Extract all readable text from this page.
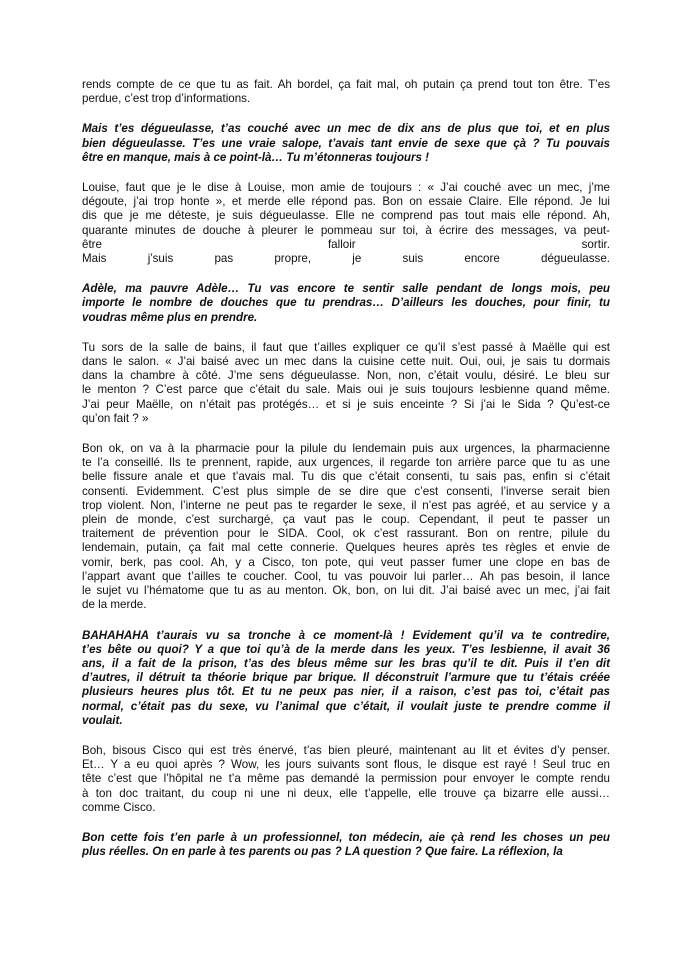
rends compte de ce que tu as fait. Ah bordel, ça fait mal, oh putain ça prend tout ton être. T’es
perdue, c’est trop d’informations.
Mais t’es dégueulasse, t’as couché avec un mec de dix ans de plus que toi, et en plus
bien dégueulasse. T’es une vraie salope, t’avais tant envie de sexe que çà ? Tu pouvais
être en manque, mais à ce point-là… Tu m’étonneras toujours !
Louise, faut que je le dise à Louise, mon amie de toujours : « J’ai couché avec un mec, j’me
dégoute, j’ai trop honte », et merde elle répond pas. Bon on essaie Claire. Elle répond. Je lui
dis que je me déteste, je suis dégueulasse. Elle ne comprend pas tout mais elle répond. Ah,
quarante minutes de douche à pleurer le pommeau sur toi, à écrire des messages, va peut-
être falloir sortir.
Mais j’suis pas propre, je suis encore dégueulasse.
Adèle, ma pauvre Adèle… Tu vas encore te sentir salle pendant de longs mois, peu
importe le nombre de douches que tu prendras… D’ailleurs les douches, pour finir, tu
voudras même plus en prendre.
Tu sors de la salle de bains, il faut que t’ailles expliquer ce qu’il s’est passé à Maëlle qui est
dans le salon. « J’ai baisé avec un mec dans la cuisine cette nuit. Oui, oui, je sais tu dormais
dans la chambre à côté. J’me sens dégueulasse. Non, non, c’était voulu, désiré. Le bleu sur
le menton ? C’est parce que c’était du sale. Mais oui je suis toujours lesbienne quand même.
J’ai peur Maëlle, on n’était pas protégés… et si je suis enceinte ? Si j’ai le Sida ? Qu’est-ce
qu’on fait ? »
Bon ok, on va à la pharmacie pour la pilule du lendemain puis aux urgences, la pharmacienne
te l’a conseillé. Ils te prennent, rapide, aux urgences, il regarde ton arrière parce que tu as une
belle fissure anale et que t’avais mal. Tu dis que c’était consenti, tu sais pas, enfin si c’était
consenti. Evidemment. C’est plus simple de se dire que c’est consenti, l’inverse serait bien
trop violent. Non, l’interne ne peut pas te regarder le sexe, il n’est pas agréé, et au service y a
plein de monde, c’est surchargé, ça vaut pas le coup. Cependant, il peut te passer un
traitement de prévention pour le SIDA. Cool, ok c’est rassurant. Bon on rentre, pilule du
lendemain, putain, ça fait mal cette connerie. Quelques heures après tes règles et envie de
vomir, berk, pas cool. Ah, y a Cisco, ton pote, qui veut passer fumer une clope en bas de
l’appart avant que t’ailles te coucher. Cool, tu vas pouvoir lui parler… Ah pas besoin, il lance
le sujet vu l’hématome que tu as au menton. Ok, bon, on lui dit. J’ai baisé avec un mec, j’ai fait
de la merde.
BAHAHAHA t’aurais vu sa tronche à ce moment-là ! Evidement qu’il va te contredire,
t’es bête ou quoi? Y a que toi qu’à de la merde dans les yeux. T’es lesbienne, il avait 36
ans, il a fait de la prison, t’as des bleus même sur les bras qu’il te dit. Puis il t’en dit
d’autres, il détruit ta théorie brique par brique. Il déconstruit l’armure que tu t’étais créée
plusieurs heures plus tôt. Et tu ne peux pas nier, il a raison, c’est pas toi, c’était pas
normal, c’était pas du sexe, vu l’animal que c’était, il voulait juste te prendre comme il
voulait.
Boh, bisous Cisco qui est très énervé, t’as bien pleuré, maintenant au lit et évites d’y penser.
Et… Y a eu quoi après ? Wow, les jours suivants sont flous, le disque est rayé ! Seul truc en
tête c’est que l’hôpital ne t’a même pas demandé la permission pour envoyer le compte rendu
à ton doc traitant, du coup ni une ni deux, elle t’appelle, elle trouve ça bizarre elle aussi…
comme Cisco.
Bon cette fois t’en parle à un professionnel, ton médecin, aie çà rend les choses un peu
plus réelles. On en parle à tes parents ou pas ? LA question ? Que faire. La réflexion, la
